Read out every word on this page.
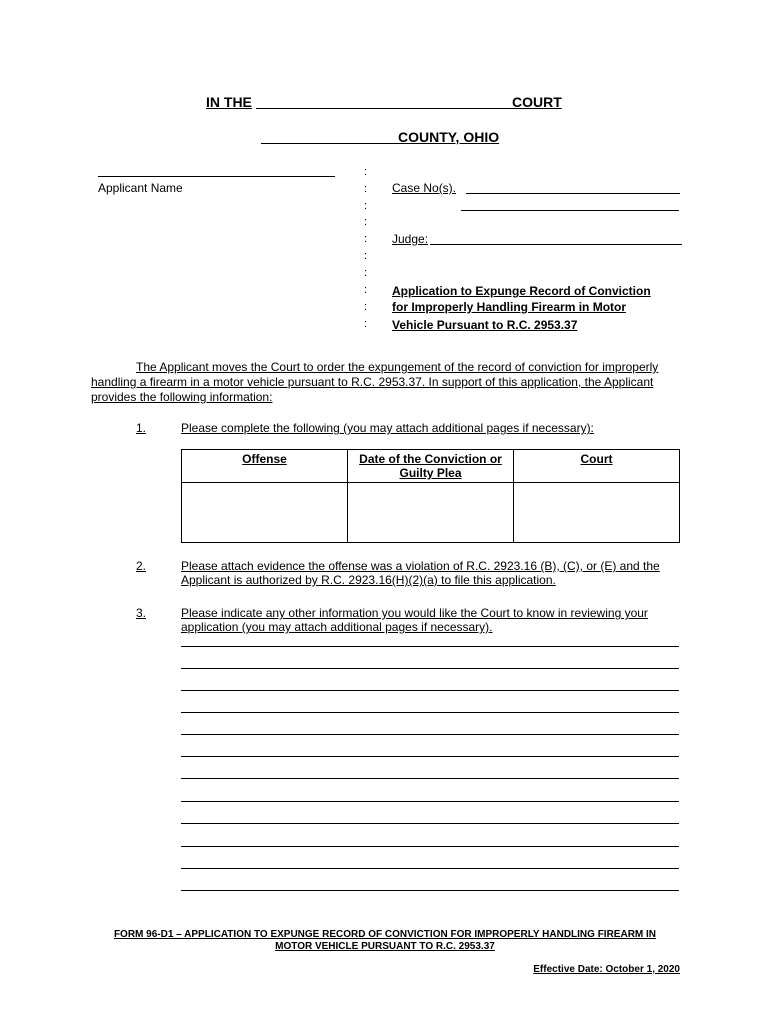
IN THE	COURT
COUNTY, OHIO
Applicant Name
:
:
:
:
:
:
:
:
:
:
Case No(s).
Judge:
Application to Expunge Record of Conviction
for Improperly Handling Firearm in Motor
Vehicle Pursuant to R.C. 2953.37
The Applicant moves the Court to order the expungement of the record of conviction for improperly
handling a firearm in a motor vehicle pursuant to R.C. 2953.37. In support of this application, the Applicant
provides the following information:
1.	Please complete the following (you may attach additional pages if necessary):
Offense	Date of the Conviction or Guilty Plea	Court

2.	Please attach evidence the offense was a violation of R.C. 2923.16 (B), (C), or (E) and the
Applicant is authorized by R.C. 2923.16(H)(2)(a) to file this application.
3.	Please indicate any other information you would like the Court to know in reviewing your
application (you may attach additional pages if necessary).
FORM 96-D1 – APPLICATION TO EXPUNGE RECORD OF CONVICTION FOR IMPROPERLY HANDLING FIREARM IN
MOTOR VEHICLE PURSUANT TO R.C. 2953.37
Effective Date: October 1, 2020
